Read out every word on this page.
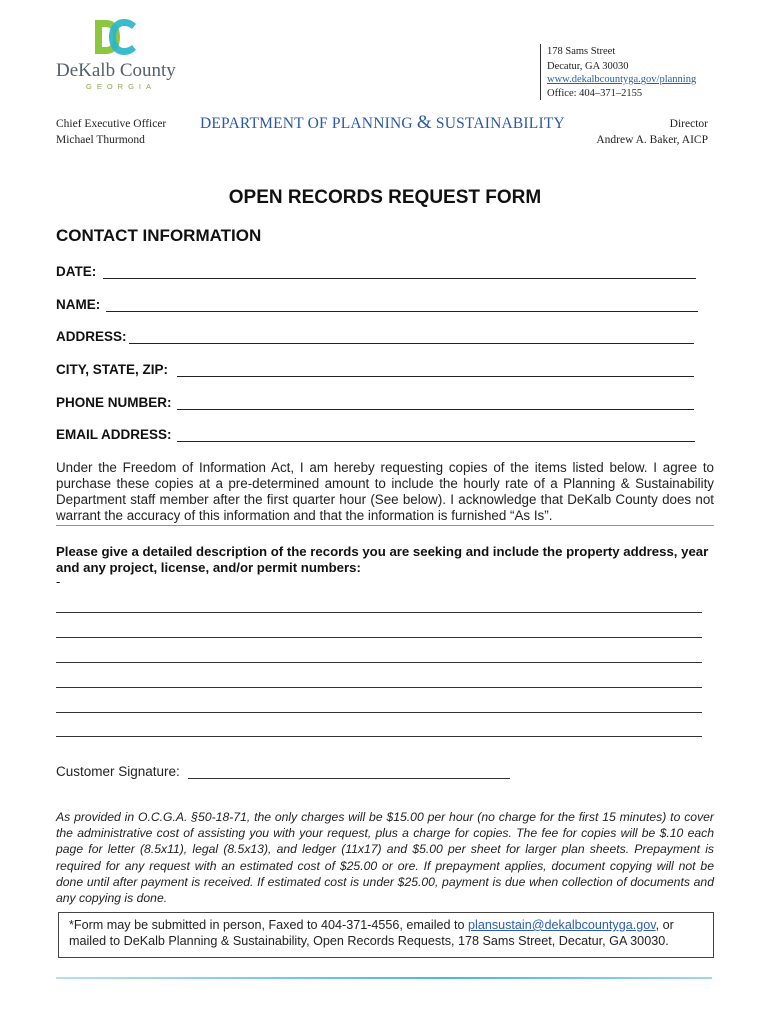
DeKalb County
GEORGIA
178 Sams Street
Decatur, GA 30030
www.dekalbcountyga.gov/planning
Office: 404–371–2155
Chief Executive Officer
Michael Thurmond
DEPARTMENT OF PLANNING & SUSTAINABILITY	Director
Andrew A. Baker, AICP
OPEN RECORDS REQUEST FORM
CONTACT INFORMATION
DATE:
NAME:
ADDRESS:
CITY, STATE, ZIP:
PHONE NUMBER:
EMAIL ADDRESS:

Under the Freedom of Information Act, I am hereby requesting copies of the items listed below. I agree to purchase these copies at a pre-determined amount to include the hourly rate of a Planning & Sustainability Department staff member after the first quarter hour (See below). I acknowledge that DeKalb County does not warrant the accuracy of this information and that the information is furnished “As Is”.

Please give a detailed description of the records you are seeking and include the property address, year and any project, license, and/or permit numbers:
-
Customer Signature:
As provided in O.C.G.A. §50-18-71, the only charges will be $15.00 per hour (no charge for the first 15 minutes) to cover the administrative cost of assisting you with your request, plus a charge for copies. The fee for copies will be $.10 each page for letter (8.5x11), legal (8.5x13), and ledger (11x17) and $5.00 per sheet for larger plan sheets. Prepayment is required for any request with an estimated cost of $25.00 or ore. If prepayment applies, document copying will not be done until after payment is received. If estimated cost is under $25.00, payment is due when collection of documents and any copying is done.
*Form may be submitted in person, Faxed to 404-371-4556, emailed to plansustain@dekalbcountyga.gov, or mailed to DeKalb Planning & Sustainability, Open Records Requests, 178 Sams Street, Decatur, GA 30030.
